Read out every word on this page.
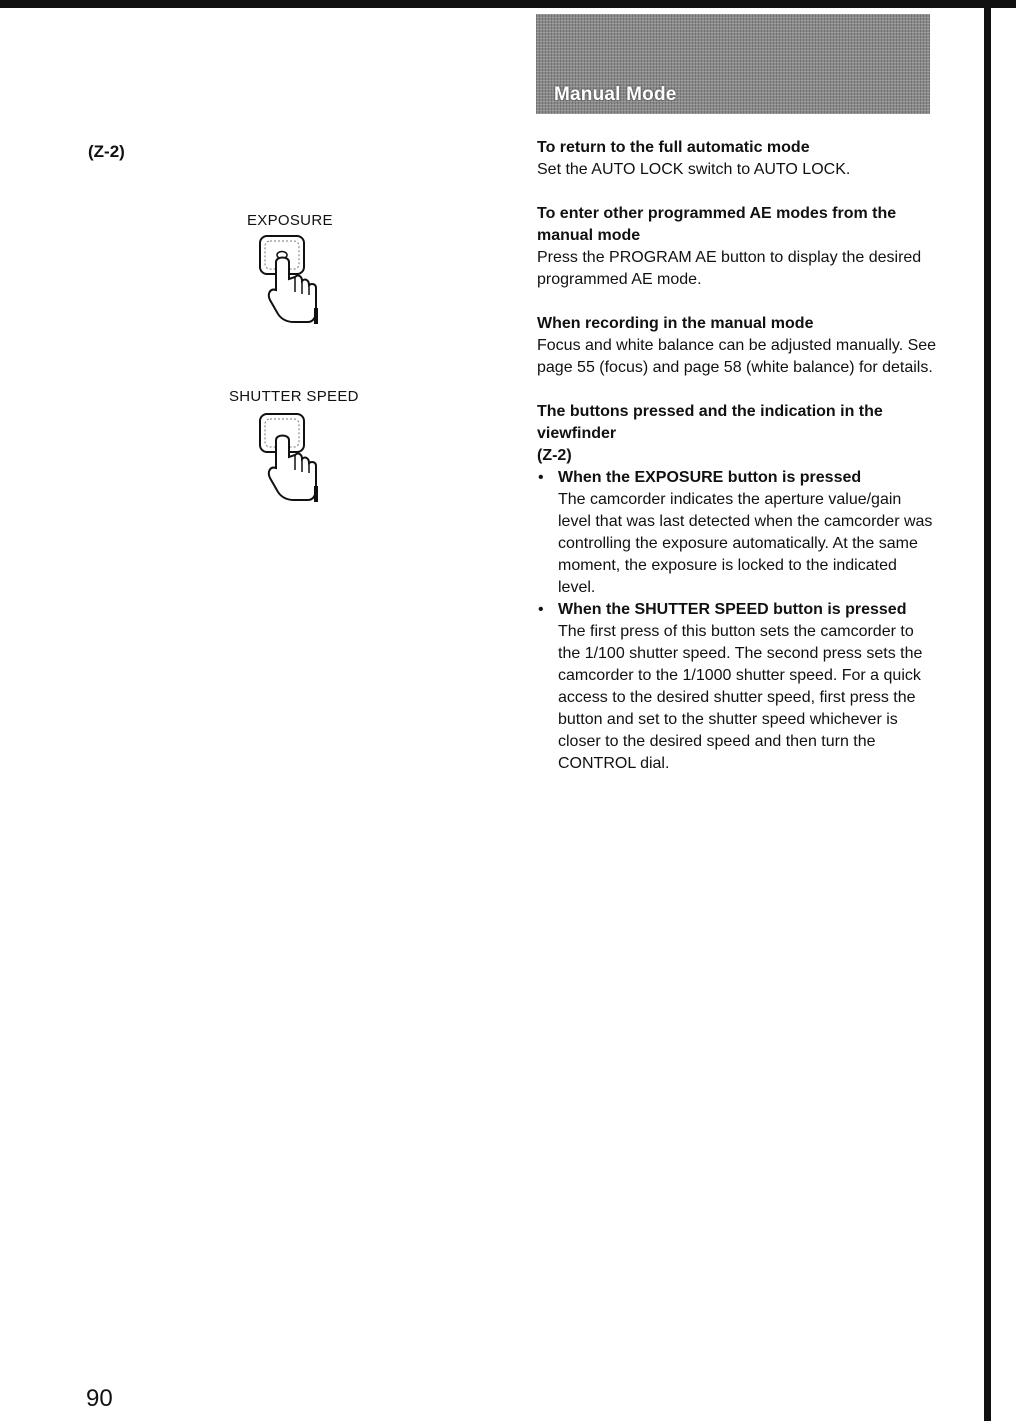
Manual Mode
(Z-2)
EXPOSURE
SHUTTER SPEED
To return to the full automatic mode

Set the AUTO LOCK switch to AUTO LOCK.

To enter other programmed AE modes from the manual mode

Press the PROGRAM AE button to display the desired programmed AE mode.

When recording in the manual mode

Focus and white balance can be adjusted manually. See page 55 (focus) and page 58 (white balance) for details.

The buttons pressed and the indication in the viewfinder
(Z-2)
• When the EXPOSURE button is pressed

The camcorder indicates the aperture value/gain level that was last detected when the camcorder was controlling the exposure automatically. At the same moment, the exposure is locked to the indicated level.

• When the SHUTTER SPEED button is pressed

The first press of this button sets the camcorder to the 1/100 shutter speed. The second press sets the camcorder to the 1/1000 shutter speed. For a quick access to the desired shutter speed, first press the button and set to the shutter speed whichever is closer to the desired speed and then turn the CONTROL dial.

90
